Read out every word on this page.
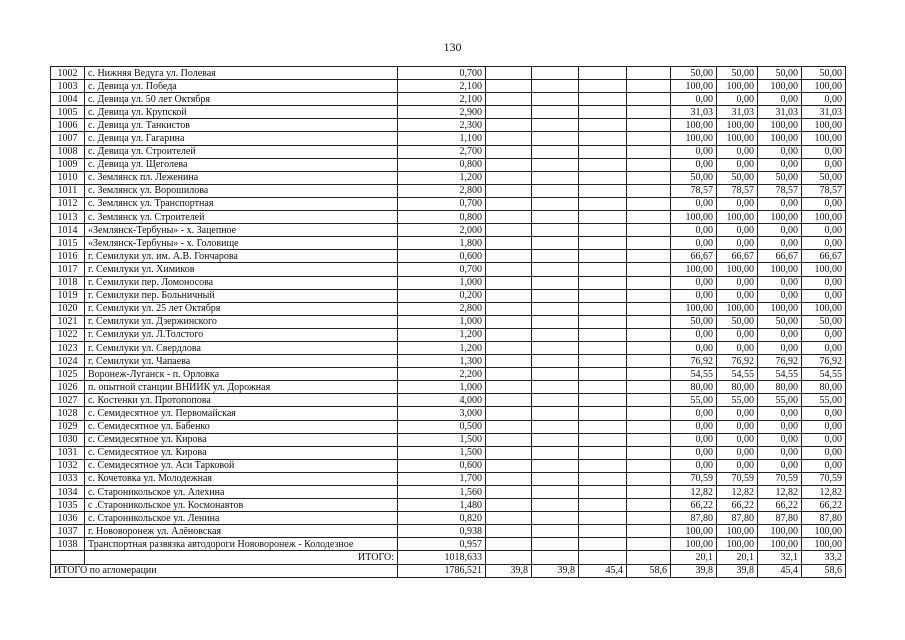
130
1002	с. Нижняя Ведуга ул. Полевая	0,700					50,00	50,00	50,00	50,00
1003	с. Девица ул. Победа	2,100					100,00	100,00	100,00	100,00
1004	с. Девица ул. 50 лет Октября	2,100					0,00	0,00	0,00	0,00
1005	с. Девица ул. Крупской	2,900					31,03	31,03	31,03	31,03
1006	с. Девица ул. Танкистов	2,300					100,00	100,00	100,00	100,00
1007	с. Девица ул. Гагарина	1,100					100,00	100,00	100,00	100,00
1008	с. Девица ул. Строителей	2,700					0,00	0,00	0,00	0,00
1009	с. Девица ул. Щеголева	0,800					0,00	0,00	0,00	0,00
1010	с. Землянск пл. Леженина	1,200					50,00	50,00	50,00	50,00
1011	с. Землянск ул. Ворошилова	2,800					78,57	78,57	78,57	78,57
1012	с. Землянск ул. Транспортная	0,700					0,00	0,00	0,00	0,00
1013	с. Землянск ул. Строителей	0,800					100,00	100,00	100,00	100,00
1014	«Землянск-Тербуны» - х. Зацепное	2,000					0,00	0,00	0,00	0,00
1015	«Землянск-Тербуны» - х. Головище	1,800					0,00	0,00	0,00	0,00
1016	г. Семилуки ул. им. А.В. Гончарова	0,600					66,67	66,67	66,67	66,67
1017	г. Семилуки ул. Химиков	0,700					100,00	100,00	100,00	100,00
1018	г. Семилуки пер. Ломоносова	1,000					0,00	0,00	0,00	0,00
1019	г. Семилуки пер. Больничный	0,200					0,00	0,00	0,00	0,00
1020	г. Семилуки ул. 25 лет Октября	2,800					100,00	100,00	100,00	100,00
1021	г. Семилуки ул. Дзержинского	1,000					50,00	50,00	50,00	50,00
1022	г. Семилуки ул. Л.Толстого	1,200					0,00	0,00	0,00	0,00
1023	г. Семилуки ул. Свердлова	1,200					0,00	0,00	0,00	0,00
1024	г. Семилуки ул. Чапаева	1,300					76,92	76,92	76,92	76,92
1025	Воронеж-Луганск - п. Орловка	2,200					54,55	54,55	54,55	54,55
1026	п. опытной станции ВНИИК ул. Дорожная	1,000					80,00	80,00	80,00	80,00
1027	с. Костенки ул. Протопопова	4,000					55,00	55,00	55,00	55,00
1028	с. Семидесятное ул. Первомайская	3,000					0,00	0,00	0,00	0,00
1029	с. Семидесятное ул. Бабенко	0,500					0,00	0,00	0,00	0,00
1030	с. Семидесятное ул. Кирова	1,500					0,00	0,00	0,00	0,00
1031	с. Семидесятное ул. Кирова	1,500					0,00	0,00	0,00	0,00
1032	с. Семидесятное ул. Аси Тарковой	0,600					0,00	0,00	0,00	0,00
1033	с. Кочетовка ул. Молодежная	1,700					70,59	70,59	70,59	70,59
1034	с. Староникольское ул. Алехина	1,560					12,82	12,82	12,82	12,82
1035	с .Староникольское ул. Космонавтов	1,480					66,22	66,22	66,22	66,22
1036	с. Староникольское ул. Ленина	0,820					87,80	87,80	87,80	87,80
1037	г. Нововоронеж ул. Алёновская	0,938					100,00	100,00	100,00	100,00
1038	Транспортная развязка автодороги Нововоронеж - Колодезное	0,957					100,00	100,00	100,00	100,00
	ИТОГО:	1018,633					20,1	20,1	32,1	33,2
ИТОГО по агломерации		1786,521	39,8	39,8	45,4	58,6	39,8	39,8	45,4	58,6
